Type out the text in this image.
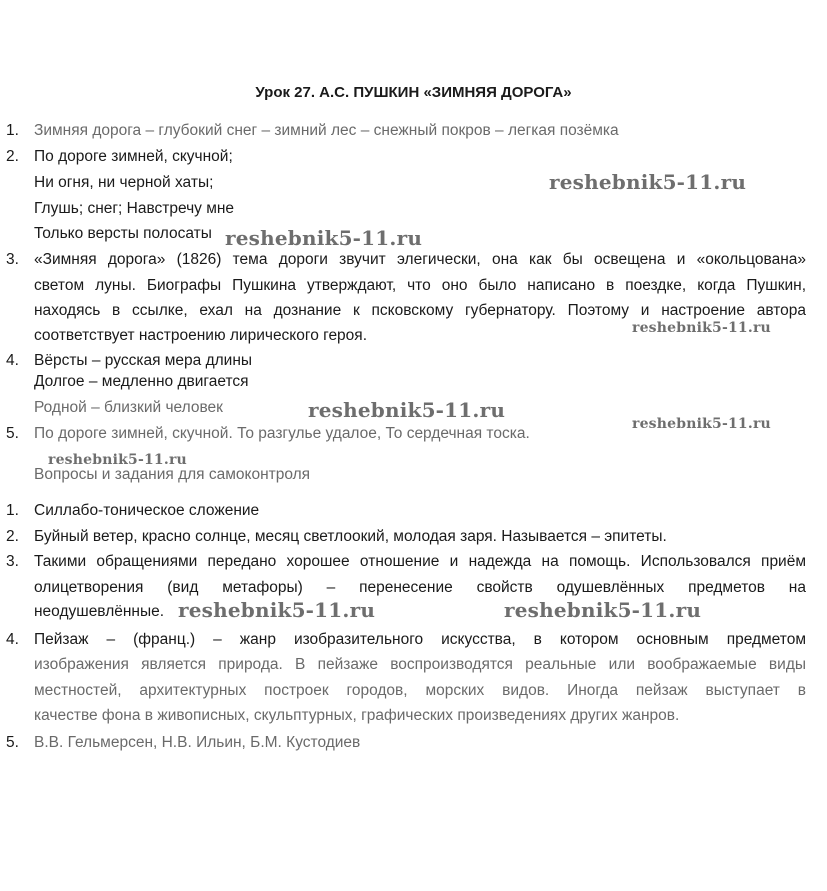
Урок 27. А.С. ПУШКИН «ЗИМНЯЯ ДОРОГА»
1. Зимняя дорога – глубокий снег – зимний лес – снежный покров – легкая позёмка
2. По дороге зимней, скучной;
Ни огня, ни черной хаты;
Глушь; снег; Навстречу мне
Только версты полосаты
3. «Зимняя дорога» (1826) тема дороги звучит элегически, она как бы освещена и «окольцована»
светом луны. Биографы Пушкина утверждают, что оно было написано в поездке, когда Пушкин,
находясь в ссылке, ехал на дознание к псковскому губернатору. Поэтому и настроение автора
соответствует настроению лирического героя.
4. Вёрсты – русская мера длины
Долгое – медленно двигается
Родной – близкий человек
5. По дороге зимней, скучной. То разгулье удалое, То сердечная тоска.
Вопросы и задания для самоконтроля
1. Силлабо-тоническое сложение
2. Буйный ветер, красно солнце, месяц светлоокий, молодая заря. Называется – эпитеты.
3. Такими обращениями передано хорошее отношение и надежда на помощь. Использовался приём
олицетворения (вид метафоры) – перенесение свойств одушевлённых предметов на
неодушевлённые.
4. Пейзаж – (франц.) – жанр изобразительного искусства, в котором основным предметом
изображения является природа. В пейзаже воспроизводятся реальные или воображаемые виды
местностей, архитектурных построек городов, морских видов. Иногда пейзаж выступает в
качестве фона в живописных, скульптурных, графических произведениях других жанров.
5. В.В. Гельмерсен, Н.В. Ильин, Б.М. Кустодиев
reshebnik5-11.ru
reshebnik5-11.ru
reshebnik5-11.ru
reshebnik5-11.ru
reshebnik5-11.ru
reshebnik5-11.ru
reshebnik5-11.ru	reshebnik5-11.ru
